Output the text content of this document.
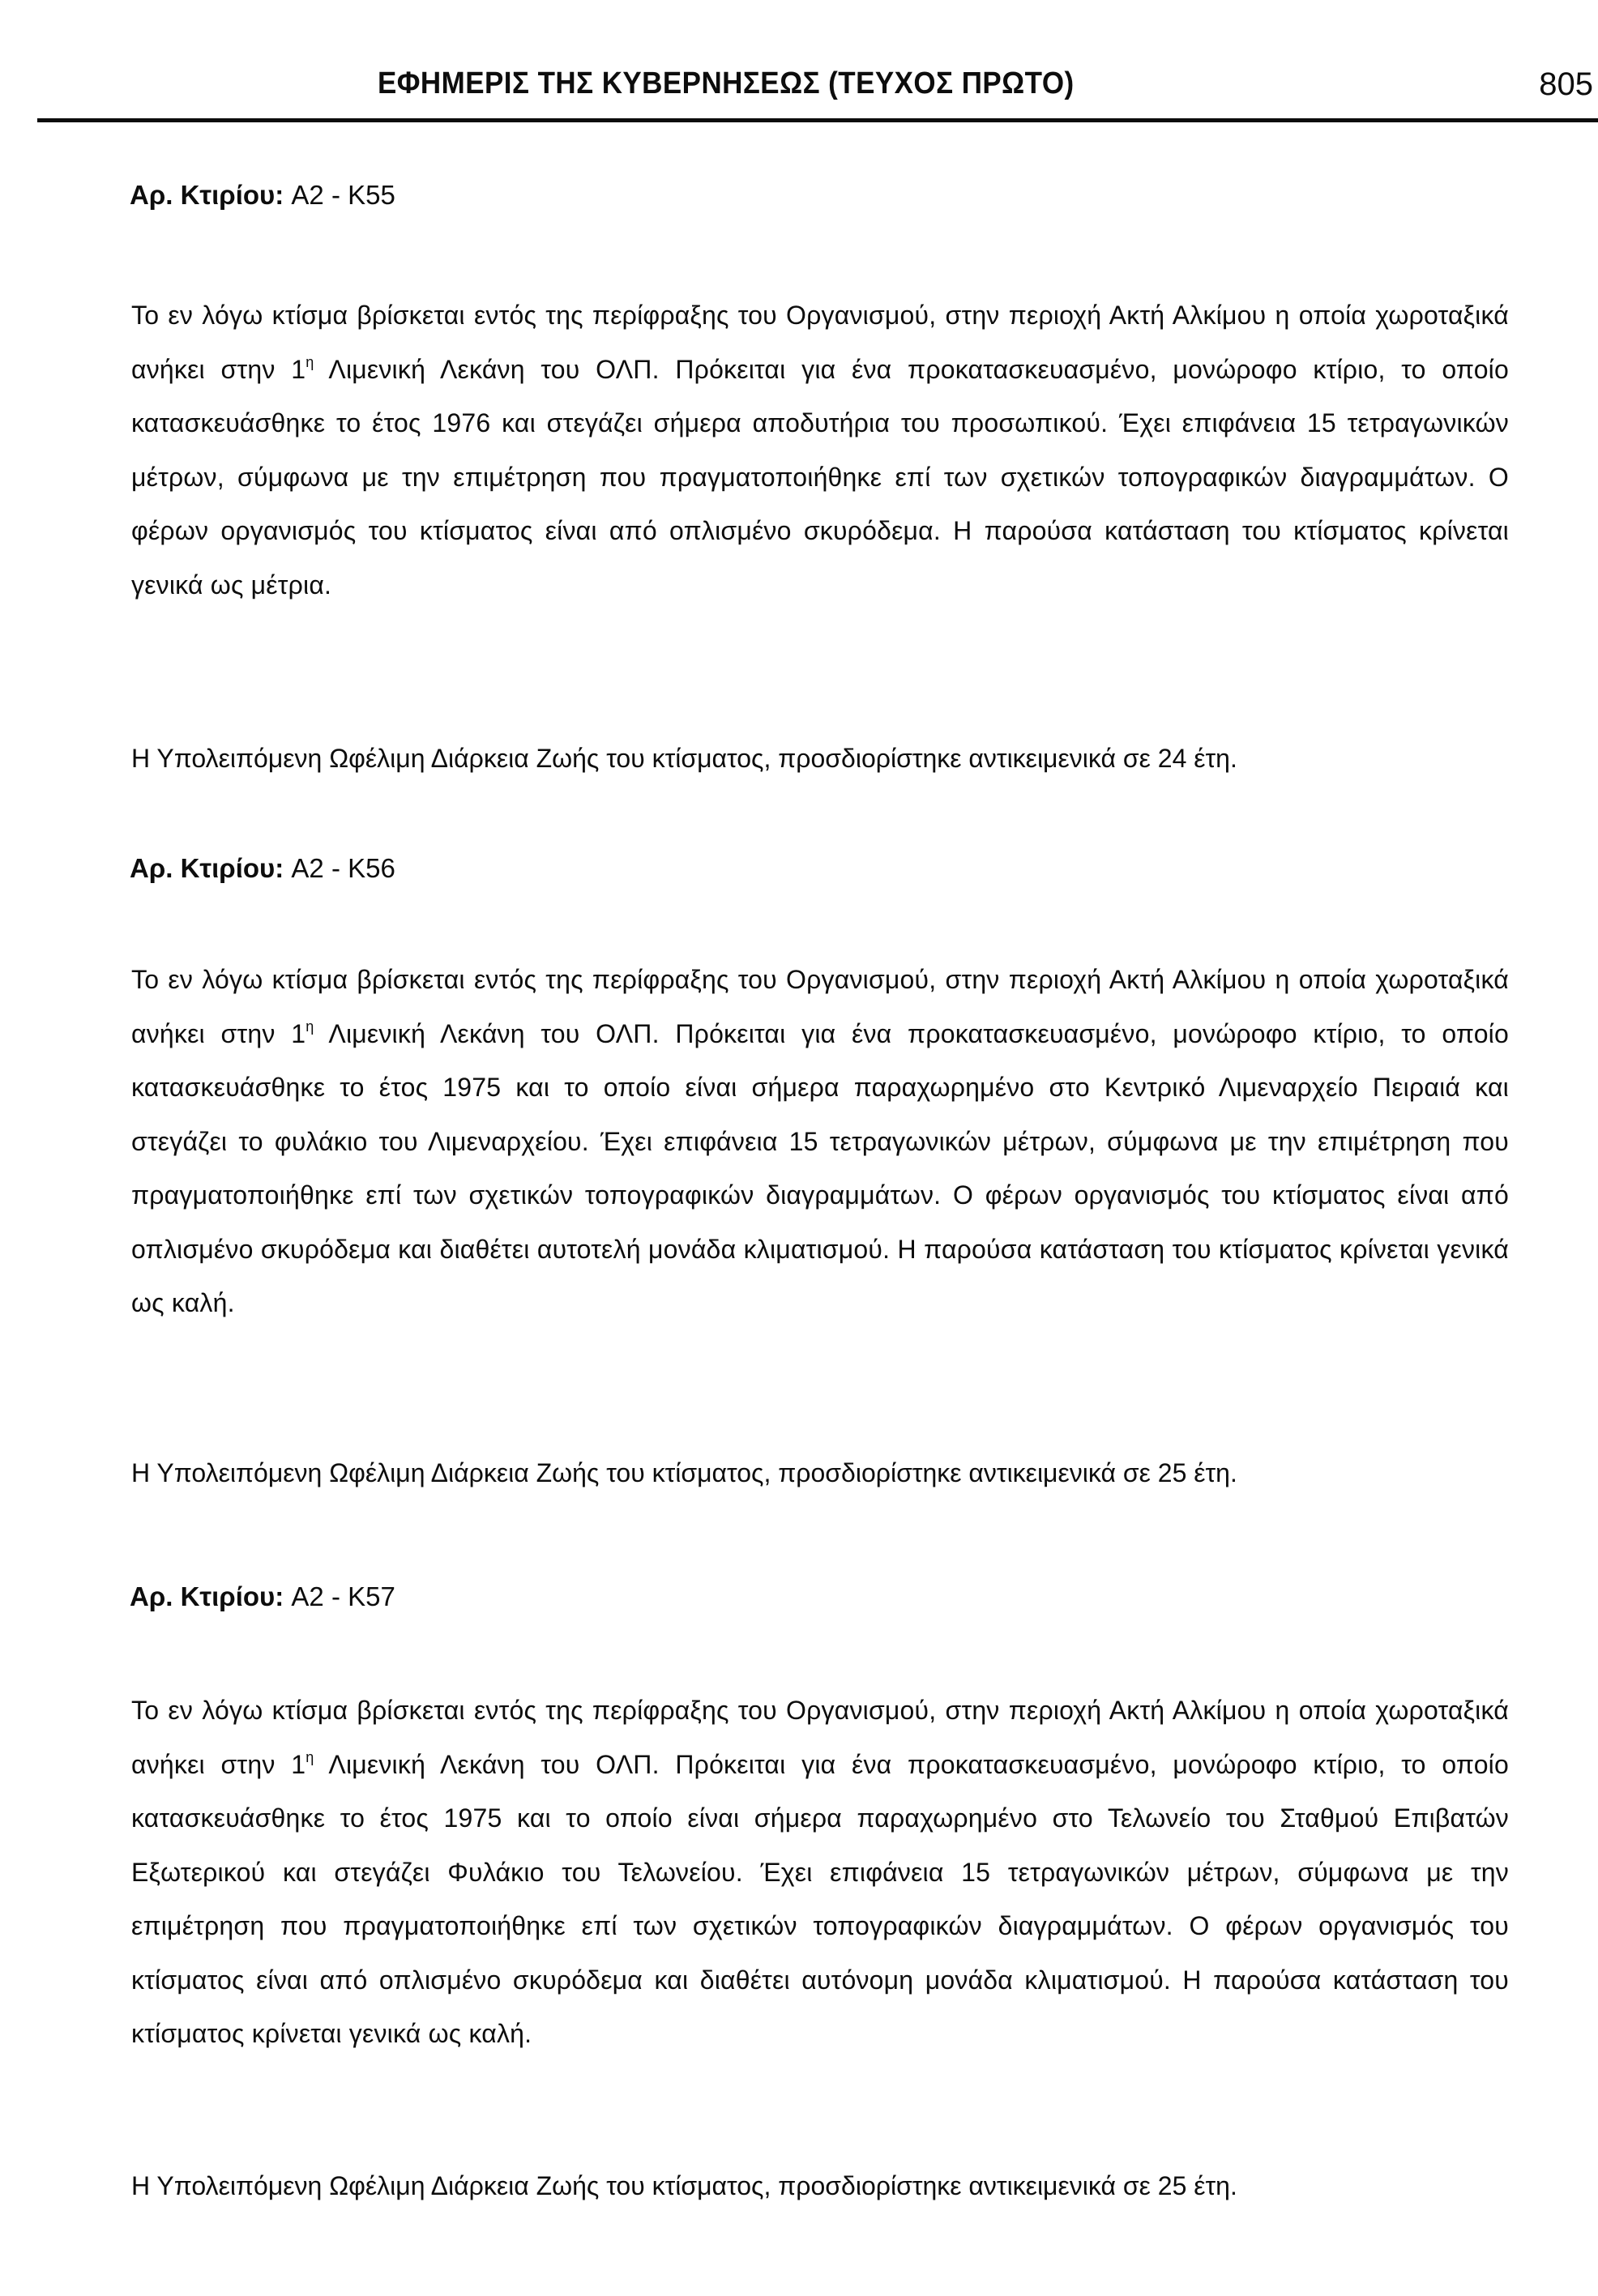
ΕΦΗΜΕΡΙΣ ΤΗΣ ΚΥΒΕΡΝΗΣΕΩΣ (ΤΕΥΧΟΣ ΠΡΩΤΟ)	805
Αρ. Κτιρίου: Α2 - Κ55
Το εν λόγω κτίσμα βρίσκεται εντός της περίφραξης του Οργανισμού, στην περιοχή Ακτή Αλκίμου η οποία χωροταξικά ανήκει στην $1^\eta$ Λιμενική Λεκάνη του ΟΛΠ. Πρόκειται για ένα προκατασκευασμένο, μονώροφο κτίριο, το οποίο κατασκευάσθηκε το έτος 1976 και στεγάζει σήμερα αποδυτήρια του προσωπικού. Έχει επιφάνεια 15 τετραγωνικών μέτρων, σύμφωνα με την επιμέτρηση που πραγματοποιήθηκε επί των σχετικών τοπογραφικών διαγραμμάτων. Ο φέρων οργανισμός του κτίσματος είναι από οπλισμένο σκυρόδεμα. Η παρούσα κατάσταση του κτίσματος κρίνεται γενικά ως μέτρια.
Η Υπολειπόμενη Ωφέλιμη Διάρκεια Ζωής του κτίσματος, προσδιορίστηκε αντικειμενικά σε 24 έτη.
Αρ. Κτιρίου: Α2 - Κ56
Το εν λόγω κτίσμα βρίσκεται εντός της περίφραξης του Οργανισμού, στην περιοχή Ακτή Αλκίμου η οποία χωροταξικά ανήκει στην $1^\eta$ Λιμενική Λεκάνη του ΟΛΠ. Πρόκειται για ένα προκατασκευασμένο, μονώροφο κτίριο, το οποίο κατασκευάσθηκε το έτος 1975 και το οποίο είναι σήμερα παραχωρημένο στο Κεντρικό Λιμεναρχείο Πειραιά και στεγάζει το φυλάκιο του Λιμεναρχείου. Έχει επιφάνεια 15 τετραγωνικών μέτρων, σύμφωνα με την επιμέτρηση που πραγματοποιήθηκε επί των σχετικών τοπογραφικών διαγραμμάτων. Ο φέρων οργανισμός του κτίσματος είναι από οπλισμένο σκυρόδεμα και διαθέτει αυτοτελή μονάδα κλιματισμού. Η παρούσα κατάσταση του κτίσματος κρίνεται γενικά ως καλή.
Η Υπολειπόμενη Ωφέλιμη Διάρκεια Ζωής του κτίσματος, προσδιορίστηκε αντικειμενικά σε 25 έτη.
Αρ. Κτιρίου: Α2 - Κ57
Το εν λόγω κτίσμα βρίσκεται εντός της περίφραξης του Οργανισμού, στην περιοχή Ακτή Αλκίμου η οποία χωροταξικά ανήκει στην $1^\eta$ Λιμενική Λεκάνη του ΟΛΠ. Πρόκειται για ένα προκατασκευασμένο, μονώροφο κτίριο, το οποίο κατασκευάσθηκε το έτος 1975 και το οποίο είναι σήμερα παραχωρημένο στο Τελωνείο του Σταθμού Επιβατών Εξωτερικού και στεγάζει Φυλάκιο του Τελωνείου. Έχει επιφάνεια 15 τετραγωνικών μέτρων, σύμφωνα με την επιμέτρηση που πραγματοποιήθηκε επί των σχετικών τοπογραφικών διαγραμμάτων. Ο φέρων οργανισμός του κτίσματος είναι από οπλισμένο σκυρόδεμα και διαθέτει αυτόνομη μονάδα κλιματισμού. Η παρούσα κατάσταση του κτίσματος κρίνεται γενικά ως καλή.
Η Υπολειπόμενη Ωφέλιμη Διάρκεια Ζωής του κτίσματος, προσδιορίστηκε αντικειμενικά σε 25 έτη.
